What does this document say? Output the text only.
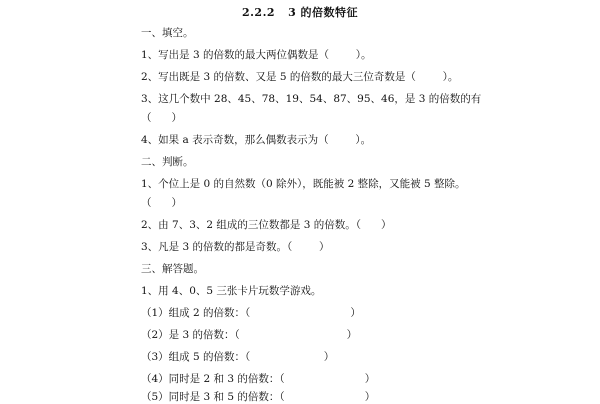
2.2.2   3 的倍数特征
一、填空。
1、写出是 3 的倍数的最大两位偶数是（        ）。
2、写出既是 3 的倍数、又是 5 的倍数的最大三位奇数是（        ）。
3、这几个数中 28、45、78、19、54、87、95、46，是 3 的倍数的有
（      ）
4、如果 a 表示奇数，那么偶数表示为（        ）。
二、判断。
1、个位上是 0 的自然数（0 除外），既能被 2 整除，又能被 5 整除。
（      ）
2、由 7、3、2 组成的三位数都是 3 的倍数。（      ）
3、凡是 3 的倍数的都是奇数。（        ）
三、解答题。
1、用 4、0、5 三张卡片玩数学游戏。
（1）组成 2 的倍数：（                              ）
（2）是 3 的倍数：（                                ）
（3）组成 5 的倍数：（                      ）
（4）同时是 2 和 3 的倍数：（                        ）
（5）同时是 3 和 5 的倍数：（                        ）
